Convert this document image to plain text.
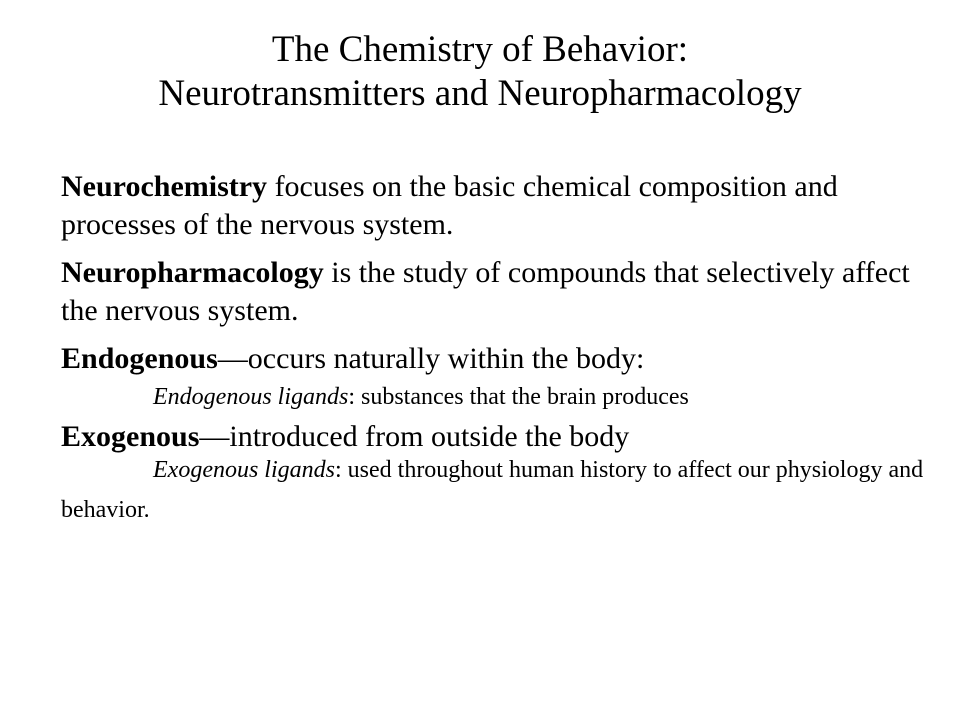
The Chemistry of Behavior:
Neurotransmitters and Neuropharmacology

Neurochemistry focuses on the basic chemical composition and processes of the nervous system.

Neuropharmacology is the study of compounds that selectively affect the nervous system.

Endogenous—occurs naturally within the body:

Endogenous ligands: substances that the brain produces

Exogenous—introduced from outside the body

Exogenous ligands: used throughout human history to affect our physiology and behavior.
